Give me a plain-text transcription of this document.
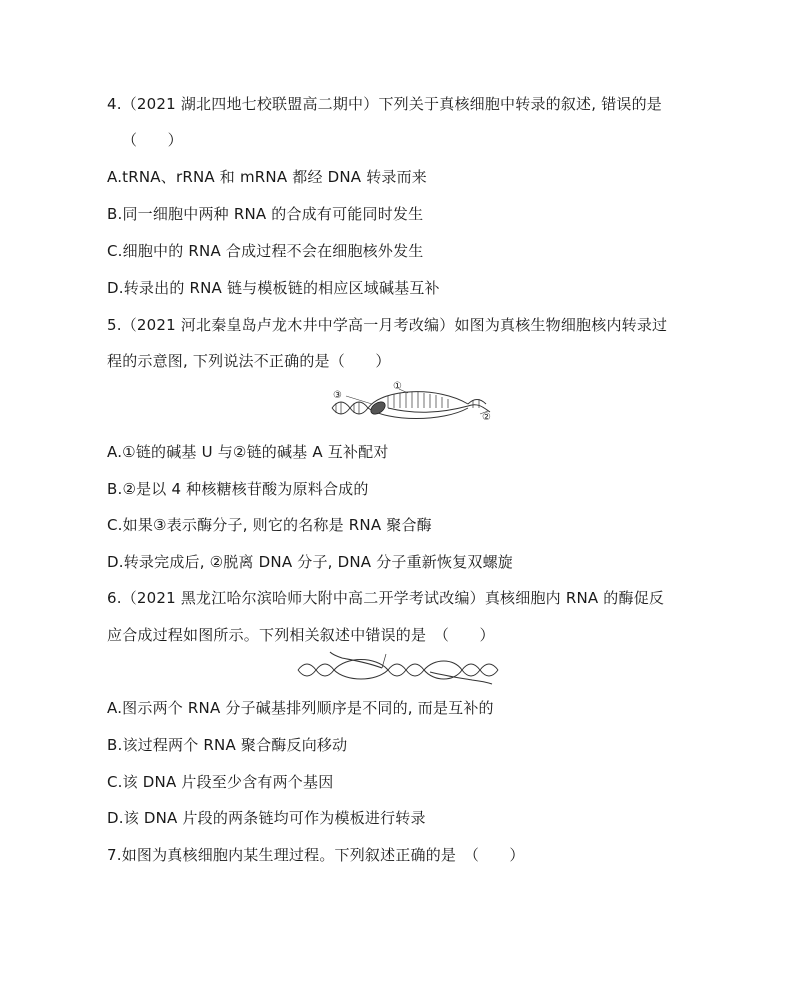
4.（2021 湖北四地七校联盟高二期中）下列关于真核细胞中转录的叙述, 错误的是
（　　）
A.tRNA、rRNA 和 mRNA 都经 DNA 转录而来
B.同一细胞中两种 RNA 的合成有可能同时发生
C.细胞中的 RNA 合成过程不会在细胞核外发生
D.转录出的 RNA 链与模板链的相应区域碱基互补
5.（2021 河北秦皇岛卢龙木井中学高一月考改编）如图为真核生物细胞核内转录过
程的示意图, 下列说法不正确的是（　　）
③
①
②
A.①链的碱基 U 与②链的碱基 A 互补配对
B.②是以 4 种核糖核苷酸为原料合成的
C.如果③表示酶分子, 则它的名称是 RNA 聚合酶
D.转录完成后, ②脱离 DNA 分子, DNA 分子重新恢复双螺旋
6.（2021 黑龙江哈尔滨哈师大附中高二开学考试改编）真核细胞内 RNA 的酶促反
应合成过程如图所示。下列相关叙述中错误的是　（　　）
A.图示两个 RNA 分子碱基排列顺序是不同的, 而是互补的
B.该过程两个 RNA 聚合酶反向移动
C.该 DNA 片段至少含有两个基因
D.该 DNA 片段的两条链均可作为模板进行转录
7.如图为真核细胞内某生理过程。下列叙述正确的是　（　　）
